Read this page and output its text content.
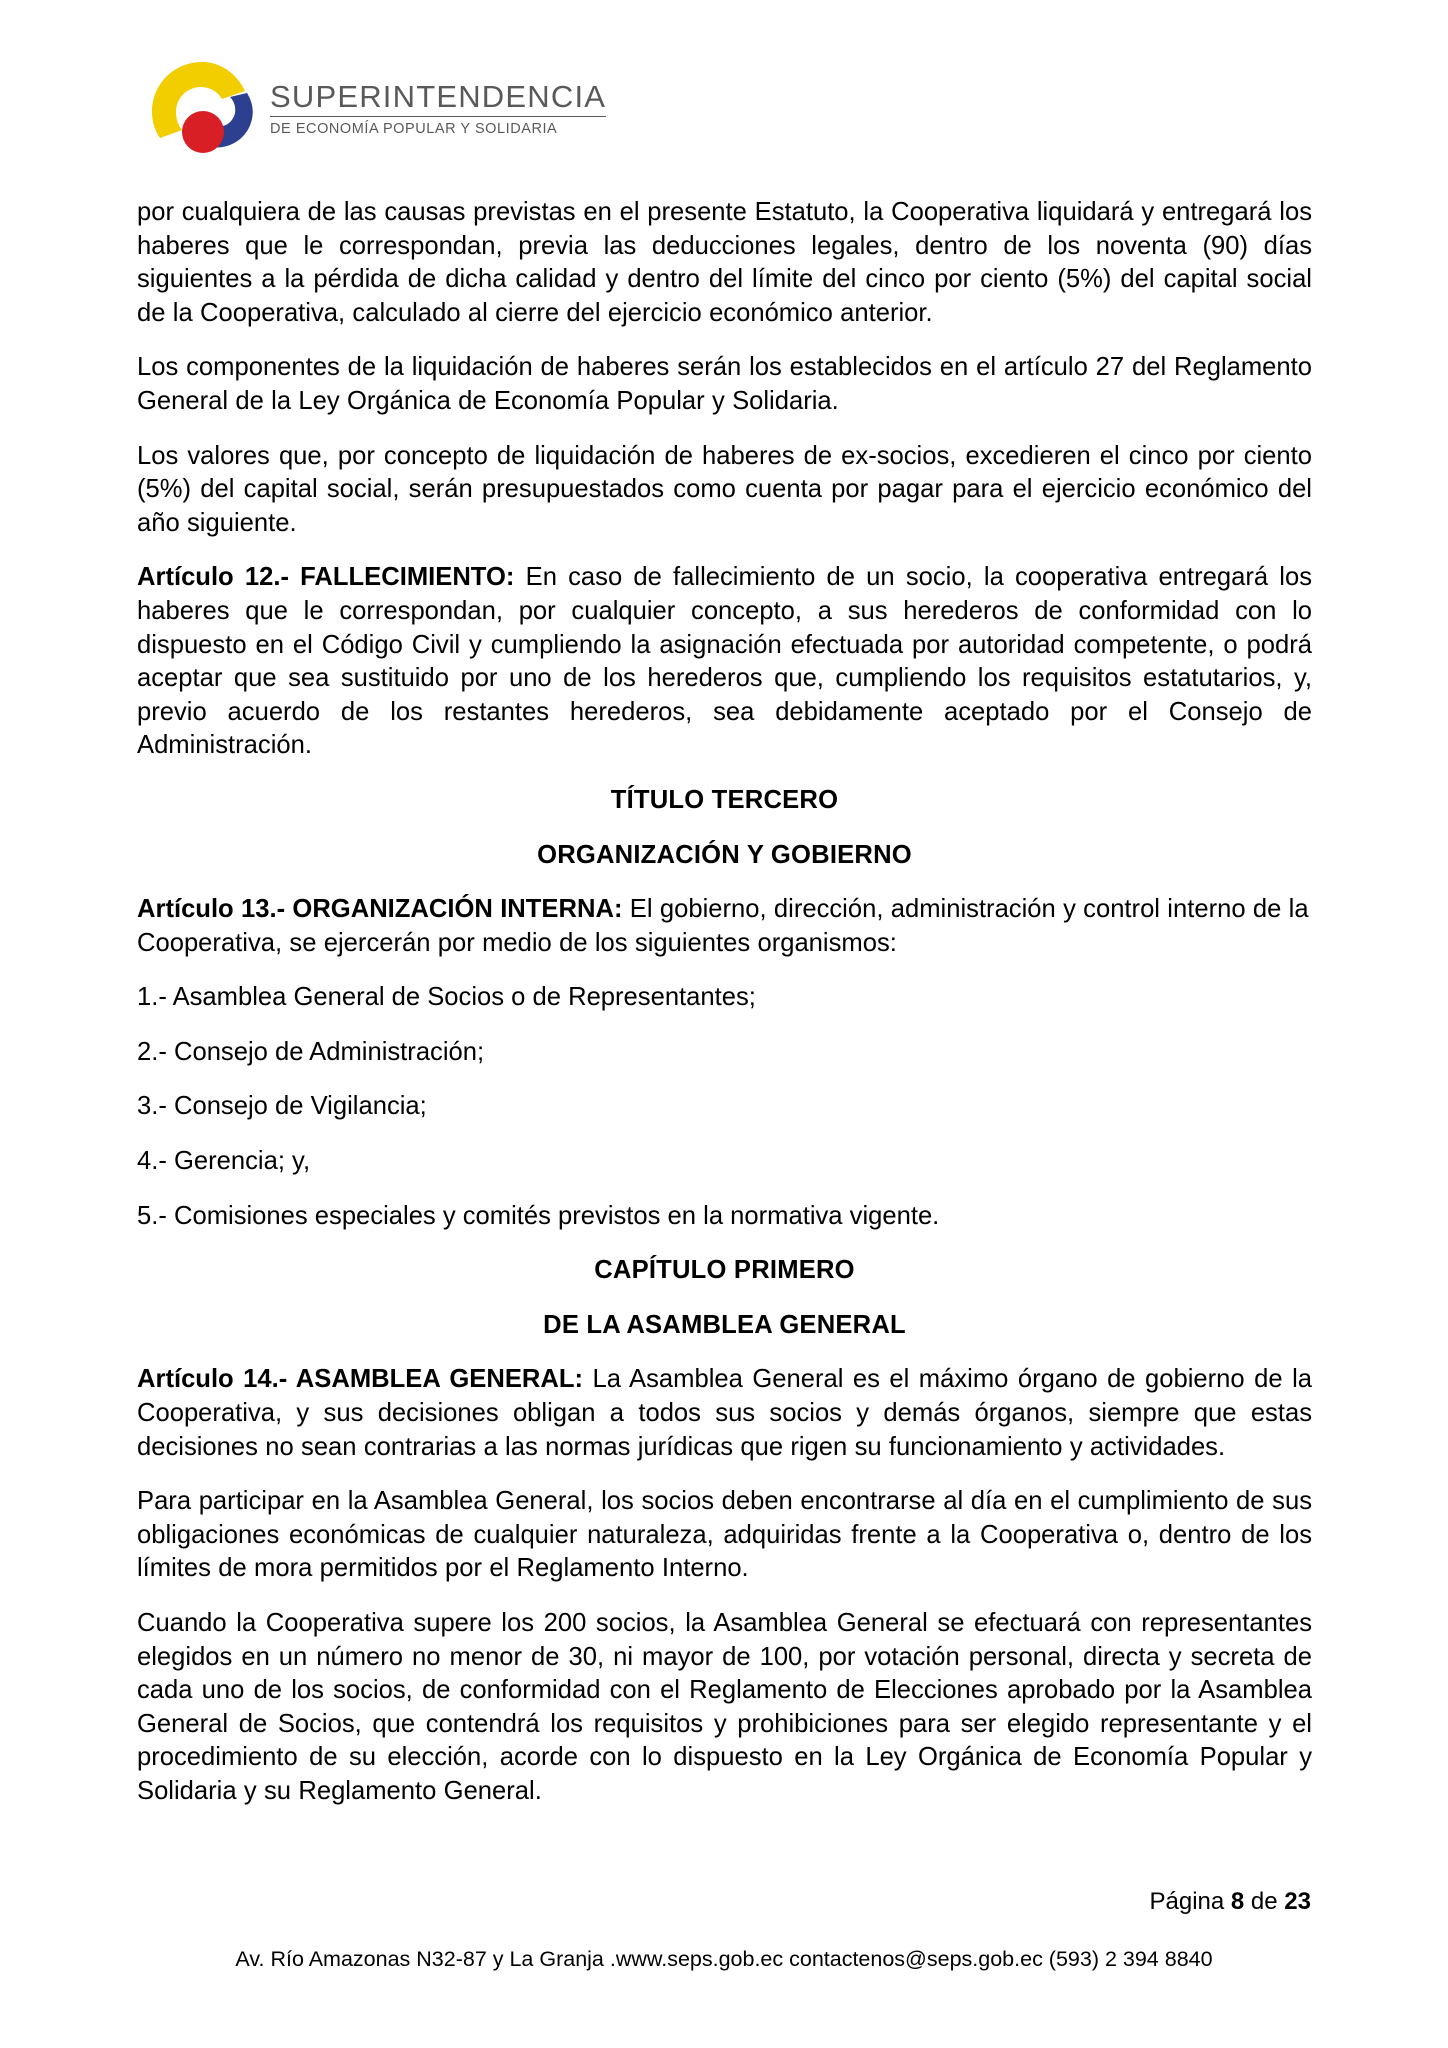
SUPERINTENDENCIA
DE ECONOMÍA POPULAR Y SOLIDARIA

por cualquiera de las causas previstas en el presente Estatuto, la Cooperativa liquidará y entregará los haberes que le correspondan, previa las deducciones legales, dentro de los noventa (90) días siguientes a la pérdida de dicha calidad y dentro del límite del cinco por ciento (5%) del capital social de la Cooperativa, calculado al cierre del ejercicio económico anterior.

Los componentes de la liquidación de haberes serán los establecidos en el artículo 27 del Reglamento General de la Ley Orgánica de Economía Popular y Solidaria.

Los valores que, por concepto de liquidación de haberes de ex-socios, excedieren el cinco por ciento (5%) del capital social, serán presupuestados como cuenta por pagar para el ejercicio económico del año siguiente.

Artículo 12.- FALLECIMIENTO: En caso de fallecimiento de un socio, la cooperativa entregará los haberes que le correspondan, por cualquier concepto, a sus herederos de conformidad con lo dispuesto en el Código Civil y cumpliendo la asignación efectuada por autoridad competente, o podrá aceptar que sea sustituido por uno de los herederos que, cumpliendo los requisitos estatutarios, y, previo acuerdo de los restantes herederos, sea debidamente aceptado por el Consejo de Administración.

TÍTULO TERCERO
ORGANIZACIÓN Y GOBIERNO

Artículo 13.- ORGANIZACIÓN INTERNA: El gobierno, dirección, administración y control interno de la Cooperativa, se ejercerán por medio de los siguientes organismos:

1.- Asamblea General de Socios o de Representantes;
2.- Consejo de Administración;
3.- Consejo de Vigilancia;
4.- Gerencia; y,
5.- Comisiones especiales y comités previstos en la normativa vigente.
CAPÍTULO PRIMERO
DE LA ASAMBLEA GENERAL

Artículo 14.- ASAMBLEA GENERAL: La Asamblea General es el máximo órgano de gobierno de la Cooperativa, y sus decisiones obligan a todos sus socios y demás órganos, siempre que estas decisiones no sean contrarias a las normas jurídicas que rigen su funcionamiento y actividades.

Para participar en la Asamblea General, los socios deben encontrarse al día en el cumplimiento de sus obligaciones económicas de cualquier naturaleza, adquiridas frente a la Cooperativa o, dentro de los límites de mora permitidos por el Reglamento Interno.

Cuando la Cooperativa supere los 200 socios, la Asamblea General se efectuará con representantes elegidos en un número no menor de 30, ni mayor de 100, por votación personal, directa y secreta de cada uno de los socios, de conformidad con el Reglamento de Elecciones aprobado por la Asamblea General de Socios, que contendrá los requisitos y prohibiciones para ser elegido representante y el procedimiento de su elección, acorde con lo dispuesto en la Ley Orgánica de Economía Popular y Solidaria y su Reglamento General.

Página 8 de 23
Av. Río Amazonas N32-87 y La Granja .www.seps.gob.ec contactenos@seps.gob.ec (593) 2 394 8840
